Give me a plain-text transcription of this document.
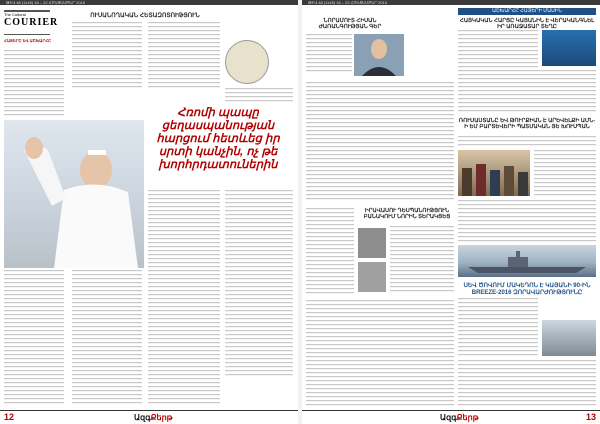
ԹԻՎ 48 (1145) 16 – 22 ՀՈԿՏԵՄԲԵՐ 2015
The Cultural
COURIER
ՈՒՍԱՆՈՂԱԿԱՆ ՀԵՏԱԶՈՏՈՒԹՅՈՒՆ
ՀԱՅԵՐԸ ԵՎ ԱՇԽԱՐՀԸ
Հռոմի պապը ցեղասպանության հարցում հետևեց իր սրտի կանչին, ոչ թե խորհրդատուներին
12	ԱզգՔերթ
ԹԻՎ 48 (1145) 16 – 22 ՀՈԿՏԵՄԲԵՐ 2015
ԱՇԽԱՐՀԸ ՀԱՅԵՐԻ ՄԱՍԻՆ
ՆՈՐԱՄՈՒՏ ՀԻՍԱՆ ԺԱՌԱՆԳՈՒԹՅԱՆ ԳԵՐ
ՀԱՅԿԱԿԱՆ ՀԱՐՑԸ ԿԱՅԱՆԻՆ Է ՎԵՐԱԿԱՆԳՆԵԼ ԻՐ ԱՌԱՋԱՏԱՐ ՏԵՂԸ
ՌՈՒՍԱՍՏԱՆԸ ԵՎ ԹՈՒՐՔԻԱՆ Է ԱՐԵՎԵԼՔԻ ԱՄՆ-Ի ԵՄ ԲԱՐՏԵՎԵՐԻ ՊԱՏՄԱԿԱՆ ՅԵ ԽՈՒՍՊԱՆ
ԻՐԱՎԱՍՈՒ ԴԵՍՊԱՆՈՒԹՅՈՒՆ ԲԱՆԱԿՈՒՄ ՆՈՐԻՆ ՏԵՐԱԿՑԵՑ
ՍԵՎ ԾՈՎՈՒՄ ՄԱԿԵԴՈՆ Է ԿԱՅԱՆԻ 90-ԻՆ BREEZE-2016 ԶՈՐԱՎԱՐԺՈՒԹՅՈՒՆԸ
ԱզգՔերթ	13
